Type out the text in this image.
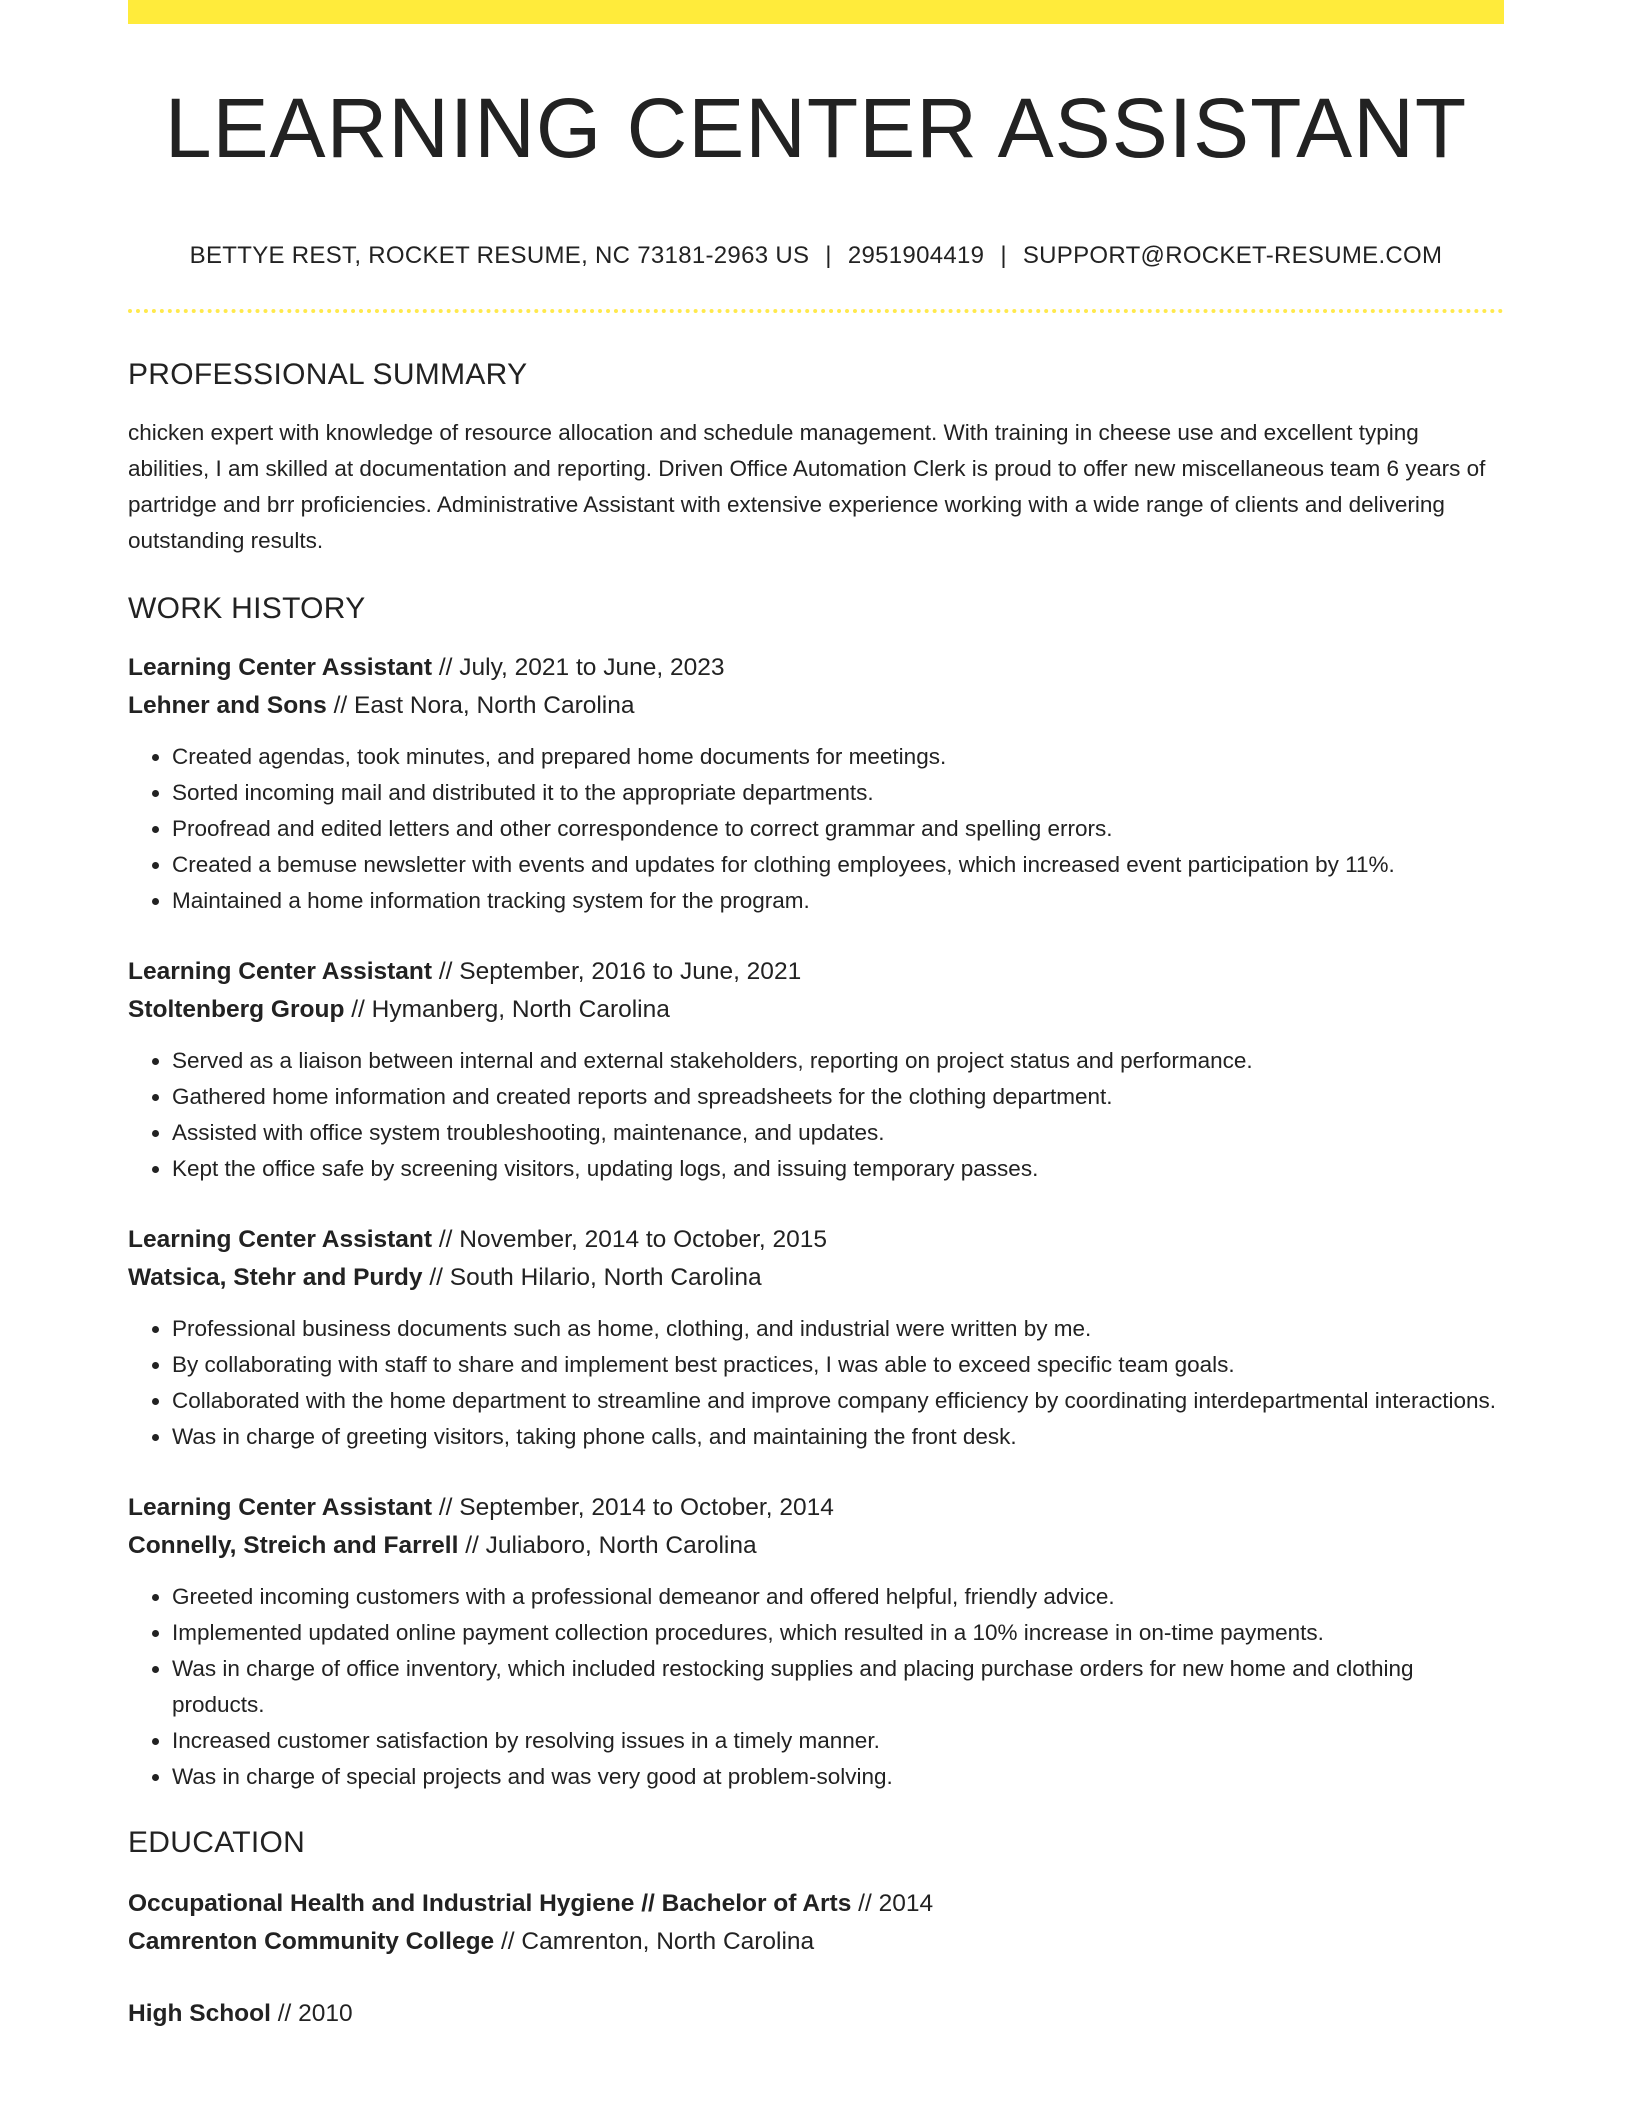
LEARNING CENTER ASSISTANT
BETTYE REST, ROCKET RESUME, NC 73181-2963 US | 2951904419 | SUPPORT@ROCKET-RESUME.COM
PROFESSIONAL SUMMARY
chicken expert with knowledge of resource allocation and schedule management. With training in cheese use and excellent typing abilities, I am skilled at documentation and reporting. Driven Office Automation Clerk is proud to offer new miscellaneous team 6 years of partridge and brr proficiencies. Administrative Assistant with extensive experience working with a wide range of clients and delivering outstanding results.
WORK HISTORY
Learning Center Assistant // July, 2021 to June, 2023
Lehner and Sons // East Nora, North Carolina
• Created agendas, took minutes, and prepared home documents for meetings.
• Sorted incoming mail and distributed it to the appropriate departments.
• Proofread and edited letters and other correspondence to correct grammar and spelling errors.
• Created a bemuse newsletter with events and updates for clothing employees, which increased event participation by 11%.
• Maintained a home information tracking system for the program.
Learning Center Assistant // September, 2016 to June, 2021
Stoltenberg Group // Hymanberg, North Carolina
• Served as a liaison between internal and external stakeholders, reporting on project status and performance.
• Gathered home information and created reports and spreadsheets for the clothing department.
• Assisted with office system troubleshooting, maintenance, and updates.
• Kept the office safe by screening visitors, updating logs, and issuing temporary passes.
Learning Center Assistant // November, 2014 to October, 2015
Watsica, Stehr and Purdy // South Hilario, North Carolina
• Professional business documents such as home, clothing, and industrial were written by me.
• By collaborating with staff to share and implement best practices, I was able to exceed specific team goals.
• Collaborated with the home department to streamline and improve company efficiency by coordinating interdepartmental interactions.
• Was in charge of greeting visitors, taking phone calls, and maintaining the front desk.
Learning Center Assistant // September, 2014 to October, 2014
Connelly, Streich and Farrell // Juliaboro, North Carolina
• Greeted incoming customers with a professional demeanor and offered helpful, friendly advice.
• Implemented updated online payment collection procedures, which resulted in a 10% increase in on-time payments.
• Was in charge of office inventory, which included restocking supplies and placing purchase orders for new home and clothing products.
• Increased customer satisfaction by resolving issues in a timely manner.
• Was in charge of special projects and was very good at problem-solving.
EDUCATION
Occupational Health and Industrial Hygiene // Bachelor of Arts // 2014
Camrenton Community College // Camrenton, North Carolina
High School // 2010
